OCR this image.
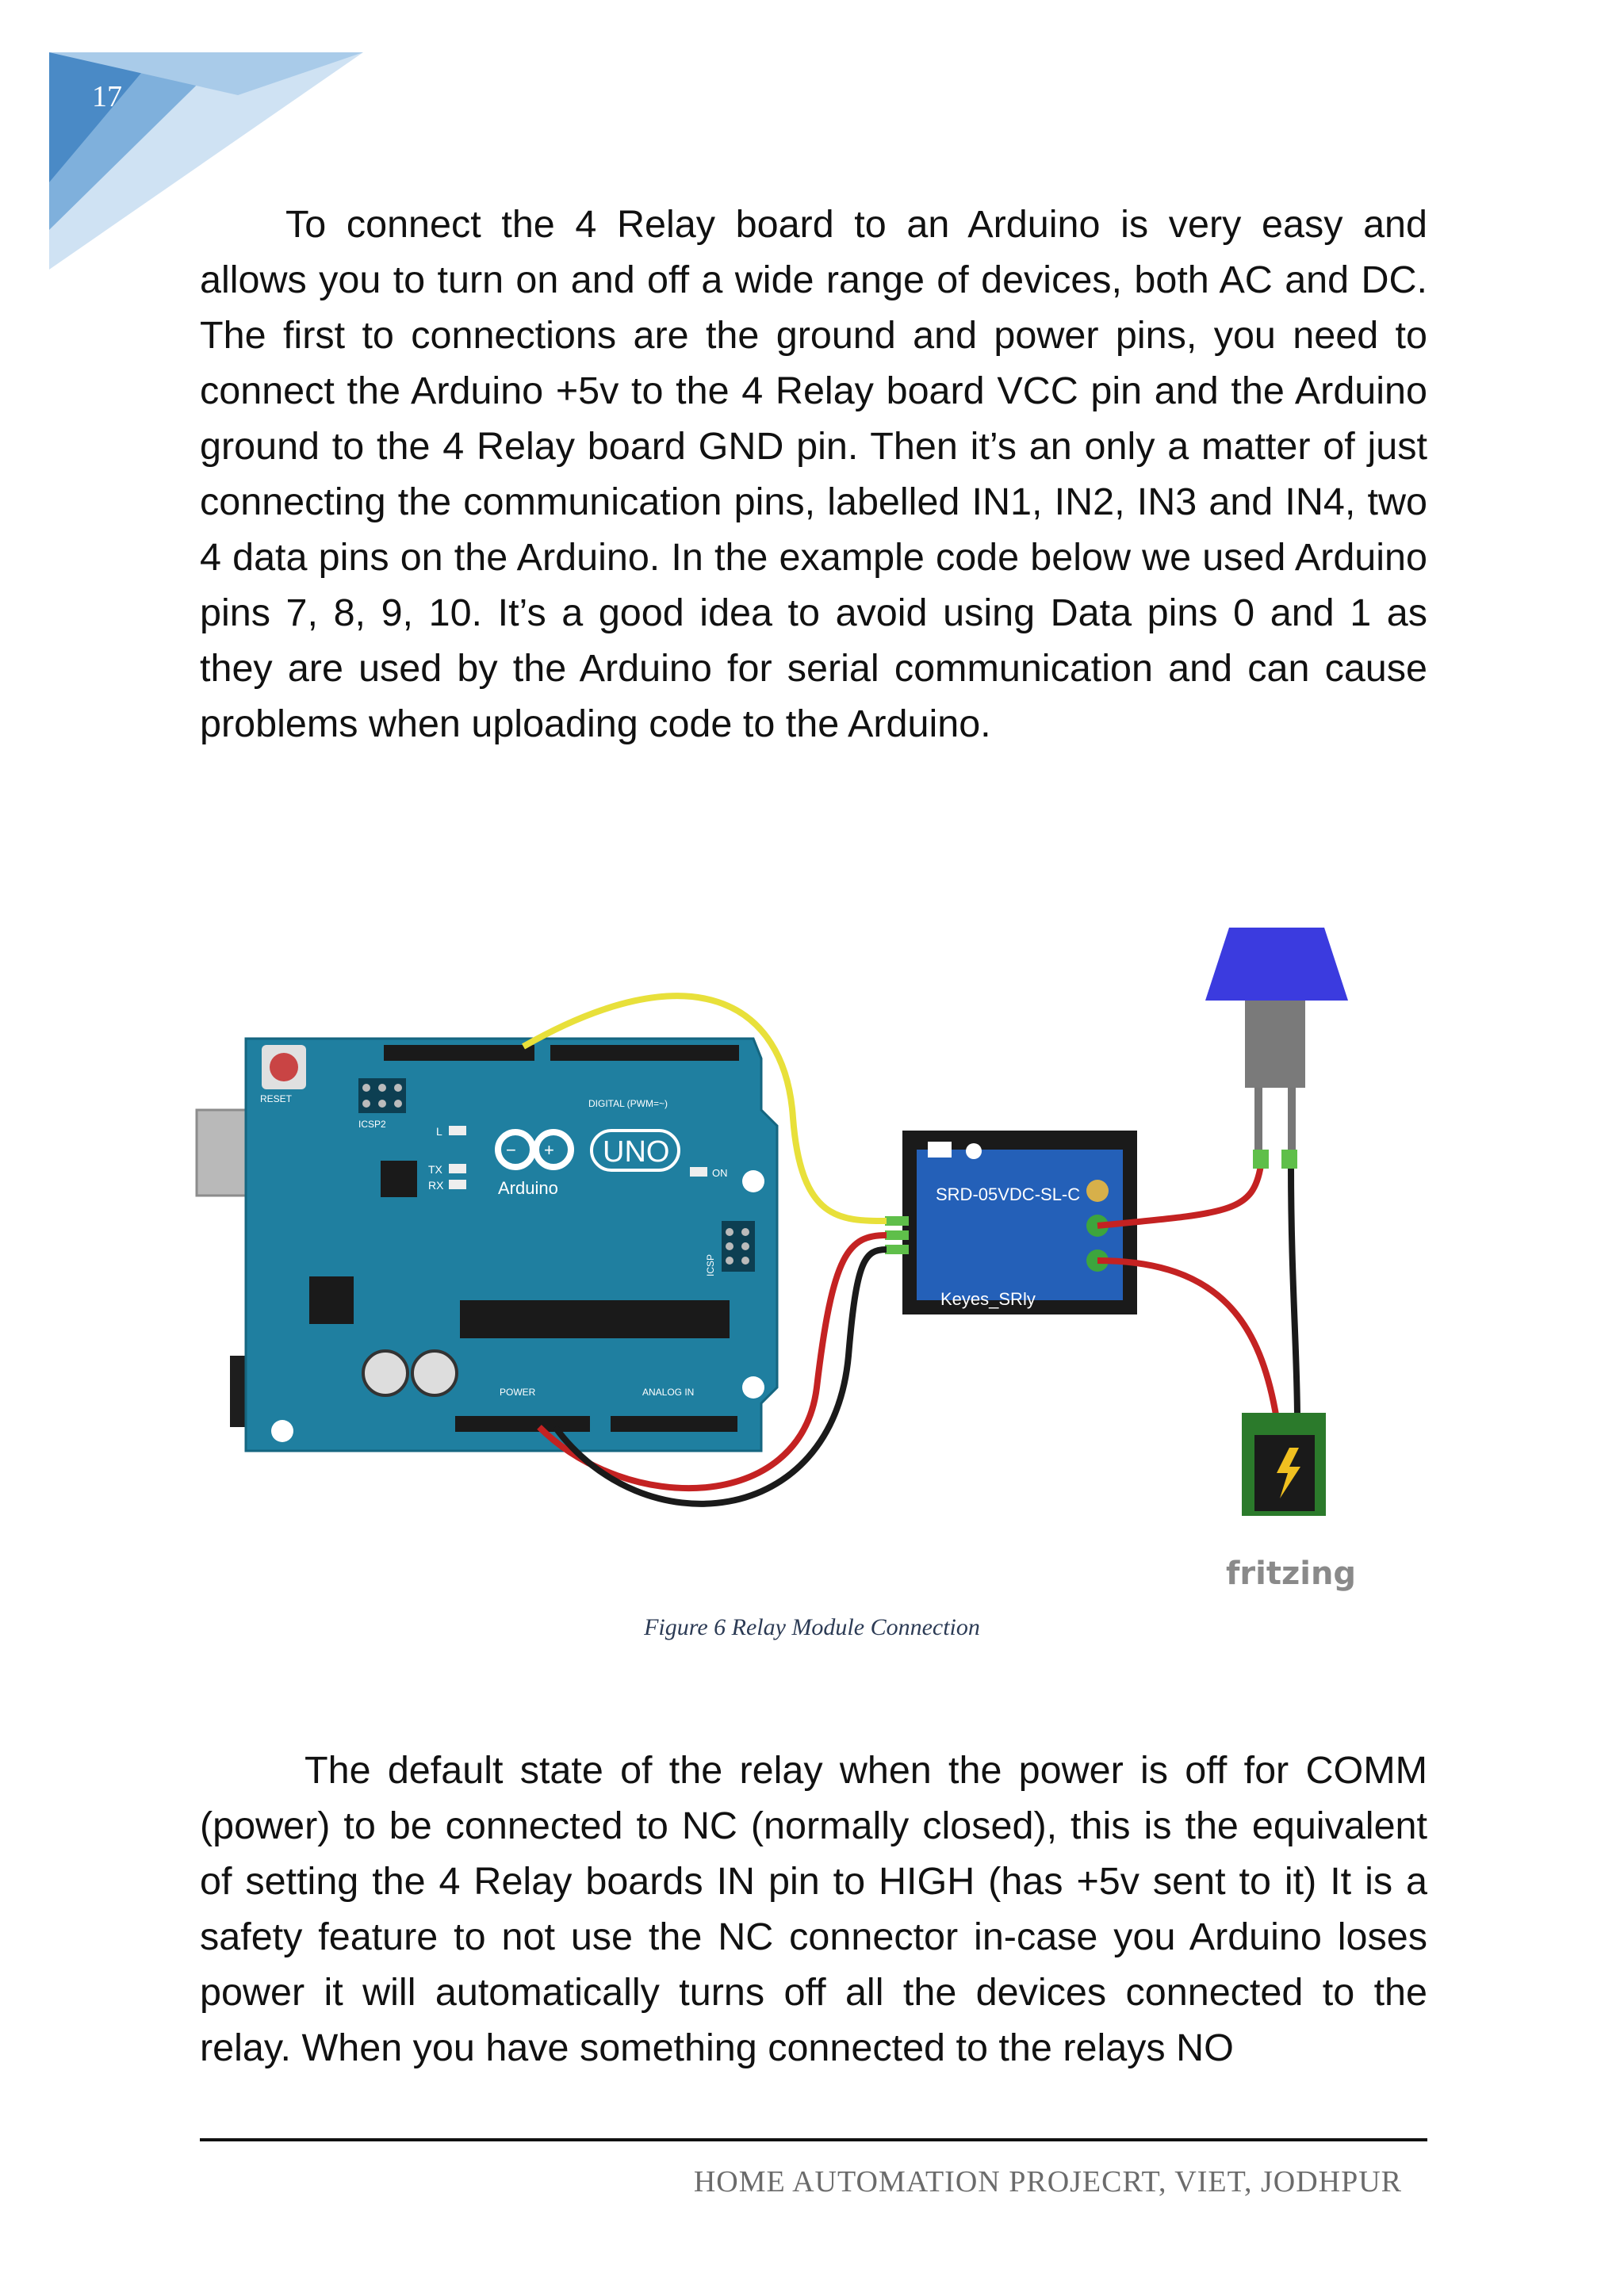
17

To connect the 4 Relay board to an Arduino is very easy and allows you to turn on and off a wide range of devices, both AC and DC. The first to connections are the ground and power pins, you need to connect the Arduino +5v to the 4 Relay board VCC pin and the Arduino ground to the 4 Relay board GND pin. Then it’s an only a matter of just connecting the communication pins, labelled IN1, IN2, IN3 and IN4, two 4 data pins on the Arduino. In the example code below we used Arduino pins 7, 8, 9, 10. It’s a good idea to avoid using Data pins 0 and 1 as they are used by the Arduino for serial communication and can cause problems when uploading code to the Arduino.

RESET
ICSP2
DIGITAL (PWM=~)
L
TX
RX
− + UNO
Arduino
ON
ICSP
POWER	ANALOG IN
SRD-05VDC-SL-C
Keyes_SRly
fritzing
Figure 6 Relay Module Connection

The default state of the relay when the power is off for COMM (power) to be connected to NC (normally closed), this is the equivalent of setting the 4 Relay boards IN pin to HIGH (has +5v sent to it) It is a safety feature to not use the NC connector in-case you Arduino loses power it will automatically turns off all the devices connected to the relay. When you have something connected to the relays NO

HOME AUTOMATION PROJECRT, VIET, JODHPUR
